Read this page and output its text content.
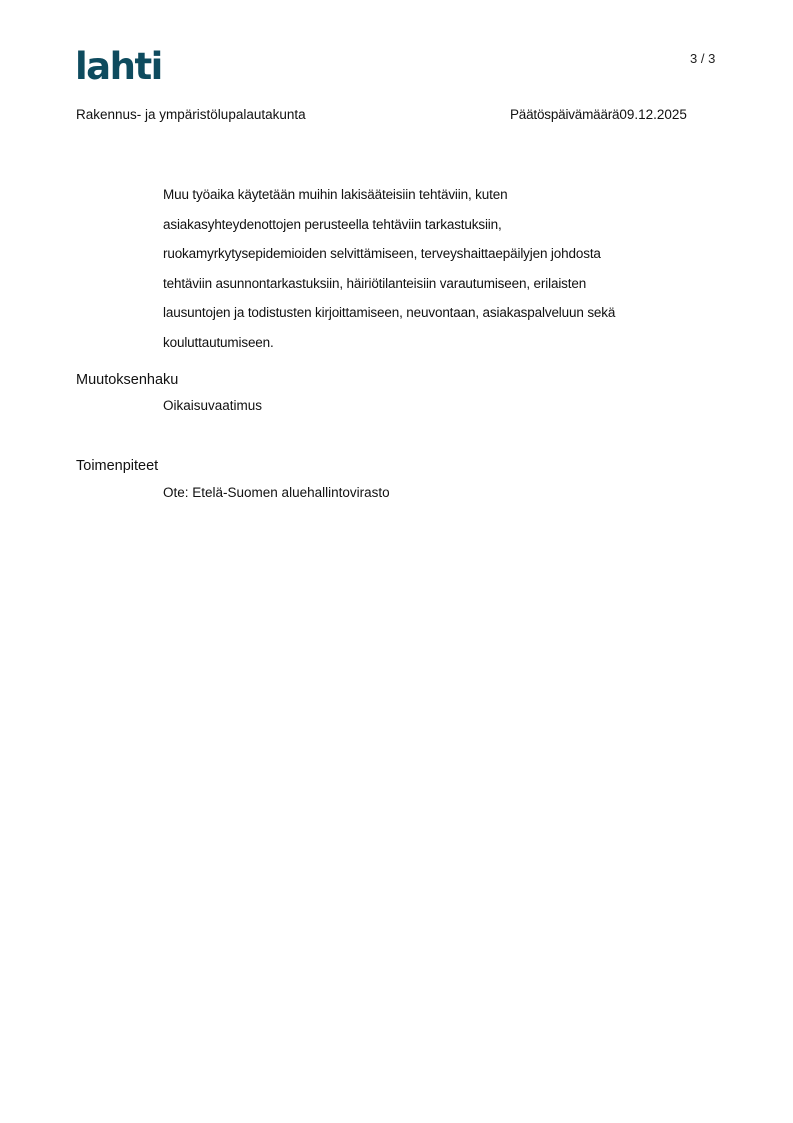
lahti	3 / 3
Rakennus- ja ympäristölupalautakunta	Päätöspäivämäärä09.12.2025
Muu työaika käytetään muihin lakisääteisiin tehtäviin, kuten
asiakasyhteydenottojen perusteella tehtäviin tarkastuksiin,
ruokamyrkytysepidemioiden selvittämiseen, terveyshaittaepäilyjen johdosta
tehtäviin asunnontarkastuksiin, häiriötilanteisiin varautumiseen, erilaisten
lausuntojen ja todistusten kirjoittamiseen, neuvontaan, asiakaspalveluun sekä
kouluttautumiseen.
Muutoksenhaku
Oikaisuvaatimus
Toimenpiteet
Ote: Etelä-Suomen aluehallintovirasto
